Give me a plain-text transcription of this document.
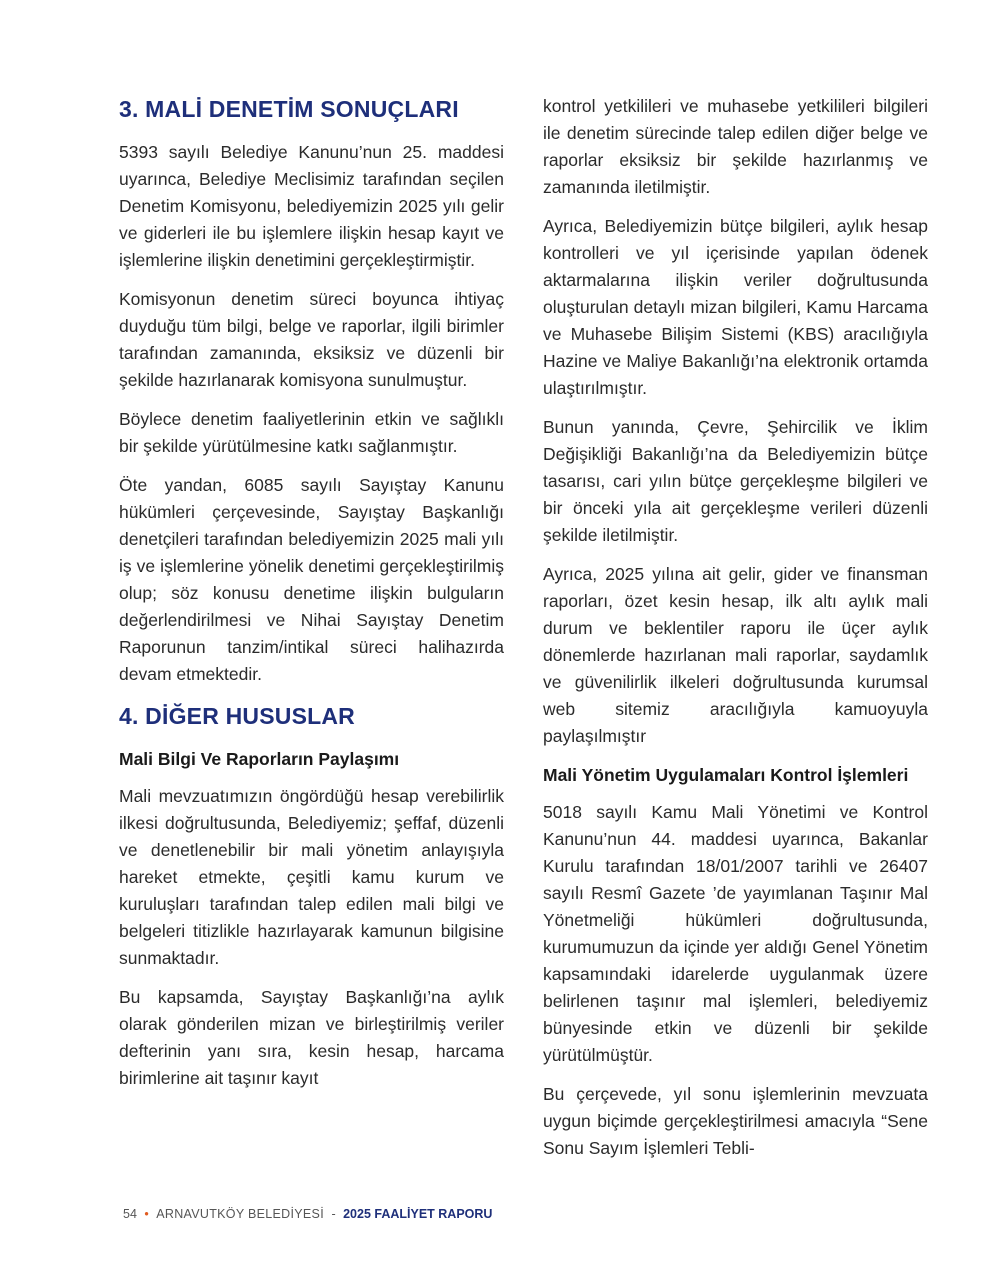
3. MALİ DENETİM SONUÇLARI

5393 sayılı Belediye Kanunu’nun 25. maddesi uyarınca, Belediye Meclisimiz tarafından seçilen Denetim Komisyonu, belediyemizin 2025 yılı gelir ve giderleri ile bu işlemlere ilişkin hesap kayıt ve işlemlerine ilişkin denetimini gerçekleştirmiştir.

Komisyonun denetim süreci boyunca ihtiyaç duyduğu tüm bilgi, belge ve raporlar, ilgili birimler tarafından zamanında, eksiksiz ve düzenli bir şekilde hazırlanarak komisyona sunulmuştur.

Böylece denetim faaliyetlerinin etkin ve sağlıklı bir şekilde yürütülmesine katkı sağlanmıştır.

Öte yandan, 6085 sayılı Sayıştay Kanunu hükümleri çerçevesinde, Sayıştay Başkanlığı denetçileri tarafından belediyemizin 2025 mali yılı iş ve işlemlerine yönelik denetimi gerçekleştirilmiş olup; söz konusu denetime ilişkin bulguların değerlendirilmesi ve Nihai Sayıştay Denetim Raporunun tanzim/intikal süreci halihazırda devam etmektedir.

4. DİĞER HUSUSLAR
Mali Bilgi Ve Raporların Paylaşımı

Mali mevzuatımızın öngördüğü hesap verebilirlik ilkesi doğrultusunda, Belediyemiz; şeffaf, düzenli ve denetlenebilir bir mali yönetim anlayışıyla hareket etmekte, çeşitli kamu kurum ve kuruluşları tarafından talep edilen mali bilgi ve belgeleri titizlikle hazırlayarak kamunun bilgisine sunmaktadır.

Bu kapsamda, Sayıştay Başkanlığı’na aylık olarak gönderilen mizan ve birleştirilmiş veriler defterinin yanı sıra, kesin hesap, harcama birimlerine ait taşınır kayıt

kontrol yetkilileri ve muhasebe yetkilileri bilgileri ile denetim sürecinde talep edilen diğer belge ve raporlar eksiksiz bir şekilde hazırlanmış ve zamanında iletilmiştir.

Ayrıca, Belediyemizin bütçe bilgileri, aylık hesap kontrolleri ve yıl içerisinde yapılan ödenek aktarmalarına ilişkin veriler doğrultusunda oluşturulan detaylı mizan bilgileri, Kamu Harcama ve Muhasebe Bilişim Sistemi (KBS) aracılığıyla Hazine ve Maliye Bakanlığı’na elektronik ortamda ulaştırılmıştır.

Bunun yanında, Çevre, Şehircilik ve İklim Değişikliği Bakanlığı’na da Belediyemizin bütçe tasarısı, cari yılın bütçe gerçekleşme bilgileri ve bir önceki yıla ait gerçekleşme verileri düzenli şekilde iletilmiştir.

Ayrıca, 2025 yılına ait gelir, gider ve finansman raporları, özet kesin hesap, ilk altı aylık mali durum ve beklentiler raporu ile üçer aylık dönemlerde hazırlanan mali raporlar, saydamlık ve güvenilirlik ilkeleri doğrultusunda kurumsal web sitemiz aracılığıyla kamuoyuyla paylaşılmıştır

Mali Yönetim Uygulamaları Kontrol İşlemleri

5018 sayılı Kamu Mali Yönetimi ve Kontrol Kanunu’nun 44. maddesi uyarınca, Bakanlar Kurulu tarafından 18/01/2007 tarihli ve 26407 sayılı Resmî Gazete ’de yayımlanan Taşınır Mal Yönetmeliği hükümleri doğrultusunda, kurumumuzun da içinde yer aldığı Genel Yönetim kapsamındaki idarelerde uygulanmak üzere belirlenen taşınır mal işlemleri, belediyemiz bünyesinde etkin ve düzenli bir şekilde yürütülmüştür.

Bu çerçevede, yıl sonu işlemlerinin mevzuata uygun biçimde gerçekleştirilmesi amacıyla “Sene Sonu Sayım İşlemleri Tebli-

54 • ARNAVUTKÖY BELEDİYESİ - 2025 FAALİYET RAPORU
